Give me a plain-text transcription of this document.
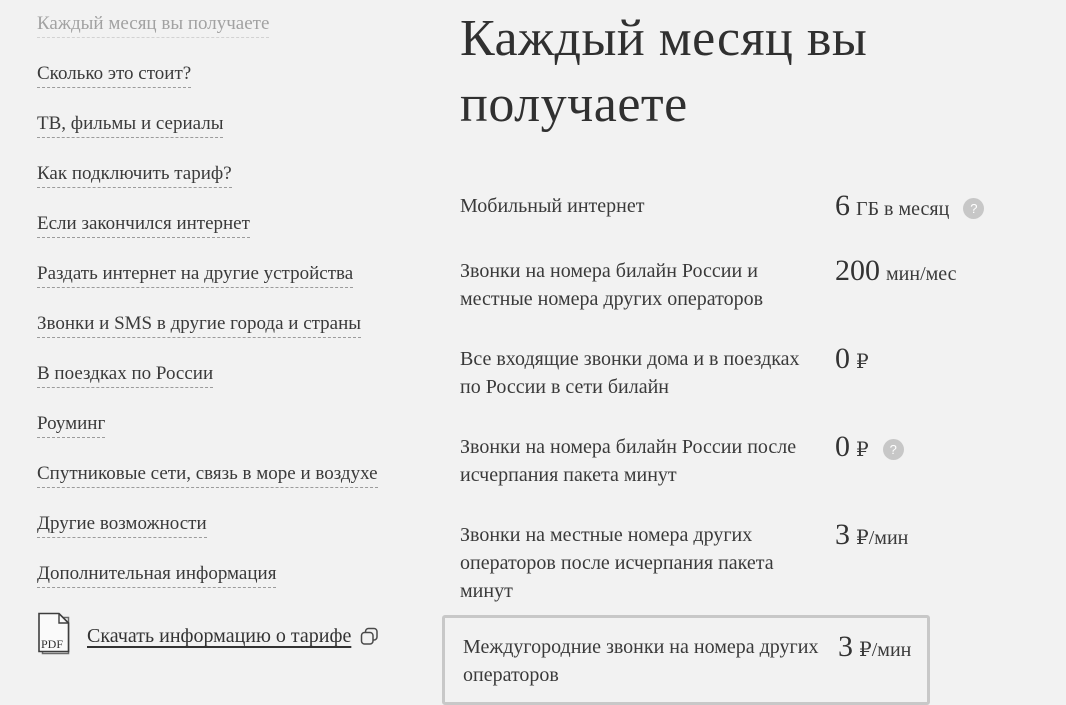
Каждый месяц вы получаете
Сколько это стоит?
ТВ, фильмы и сериалы
Как подключить тариф?
Если закончился интернет
Раздать интернет на другие устройства
Звонки и SMS в другие города и страны
В поездках по России
Роуминг
Спутниковые сети, связь в море и воздухе
Другие возможности
Дополнительная информация
PDF Скачать информацию о тарифе
Каждый месяц вы получаете
Мобильный интернет	6 ГБ в месяц ?
Звонки на номера билайн России и местные номера других операторов
200 мин/мес
Все входящие звонки дома и в поездках по России в сети билайн
0 ₽
Звонки на номера билайн России после исчерпания пакета минут
0 ₽ ?
Звонки на местные номера других операторов после исчерпания пакета минут
3 ₽/мин
Междугородние звонки на номера других операторов
3 ₽/мин
